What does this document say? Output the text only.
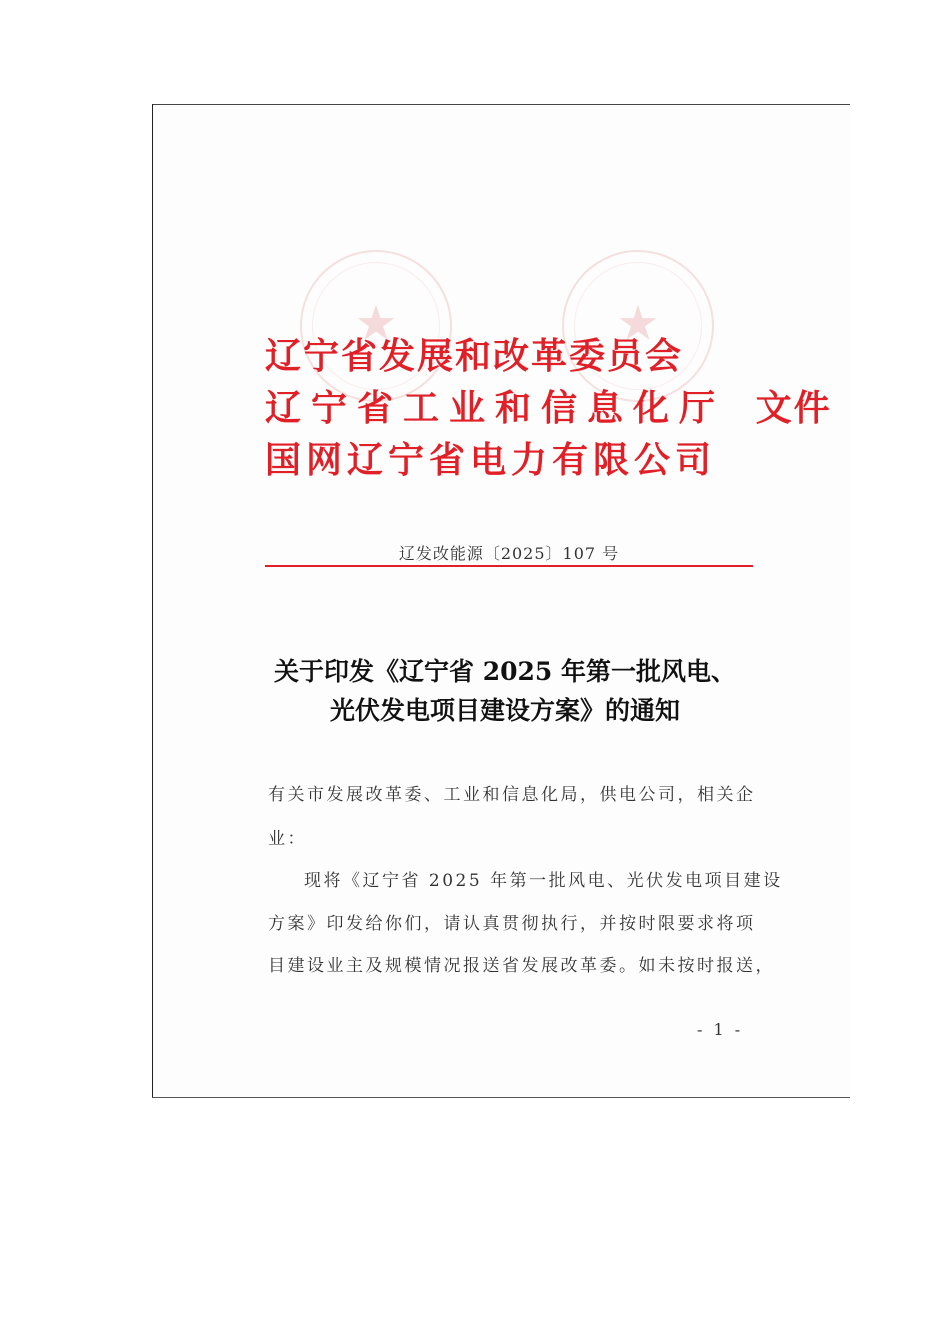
★	★
辽宁省发展和改革委员会
辽宁省工业和信息化厅 文件
国网辽宁省电力有限公司
辽发改能源〔2025〕107 号
关于印发《辽宁省 2025 年第一批风电、
光伏发电项目建设方案》的通知
有关市发展改革委、工业和信息化局，供电公司，相关企
业：
现将《辽宁省 2025 年第一批风电、光伏发电项目建设
方案》印发给你们，请认真贯彻执行，并按时限要求将项
目建设业主及规模情况报送省发展改革委。如未按时报送，
- 1 -
